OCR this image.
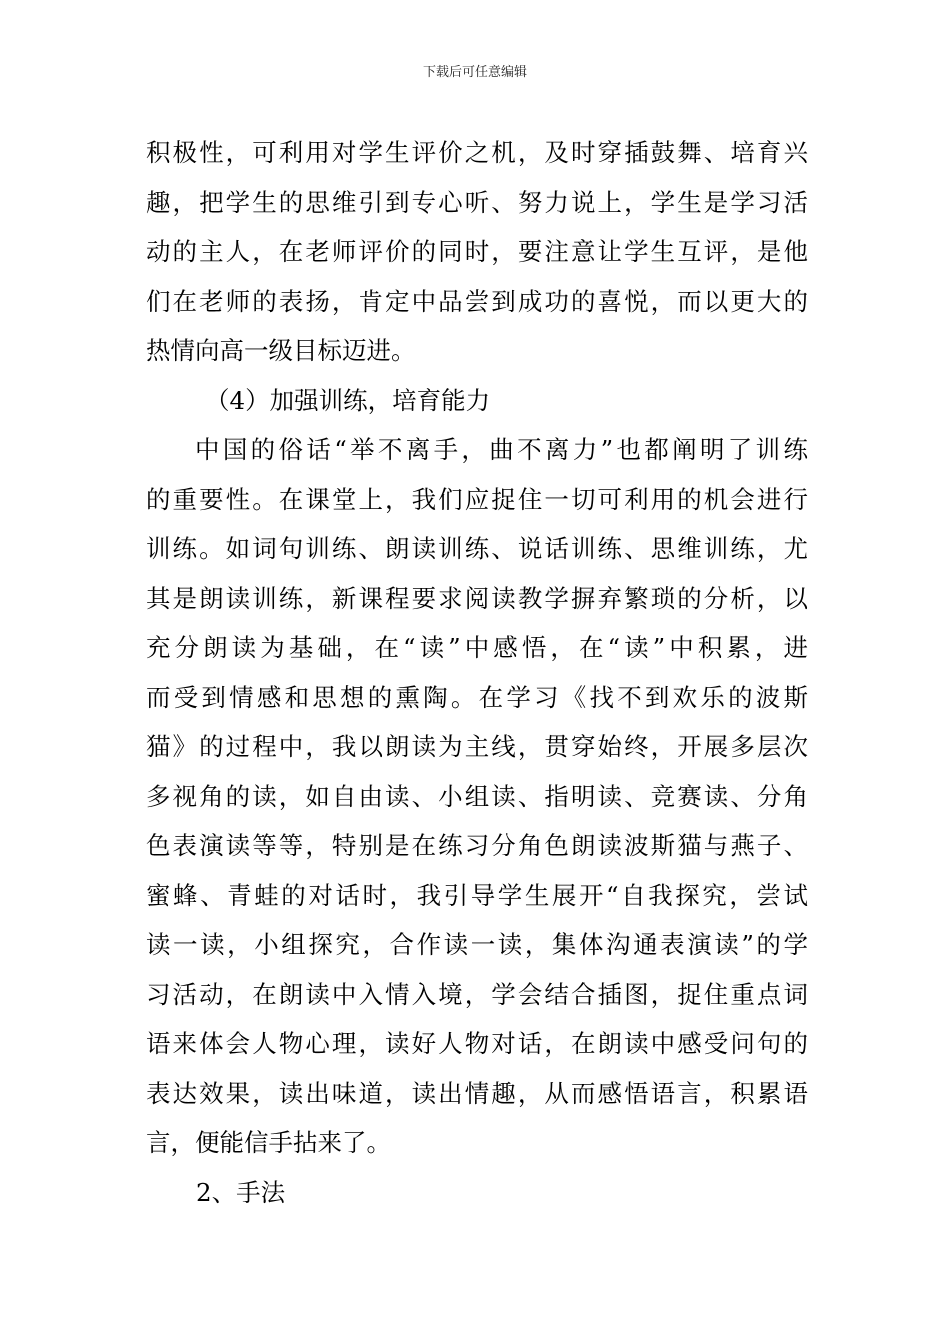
下载后可任意编辑
积极性，可利用对学生评价之机，及时穿插鼓舞、培育兴
趣，把学生的思维引到专心听、努力说上，学生是学习活
动的主人，在老师评价的同时，要注意让学生互评，是他
们在老师的表扬，肯定中品尝到成功的喜悦，而以更大的
热情向高一级目标迈进。
（4）加强训练，培育能力
中国的俗话“举不离手，曲不离力”也都阐明了训练
的重要性。在课堂上，我们应捉住一切可利用的机会进行
训练。如词句训练、朗读训练、说话训练、思维训练，尤
其是朗读训练，新课程要求阅读教学摒弃繁琐的分析，以
充分朗读为基础，在“读”中感悟，在“读”中积累，进
而受到情感和思想的熏陶。在学习《找不到欢乐的波斯
猫》的过程中，我以朗读为主线，贯穿始终，开展多层次
多视角的读，如自由读、小组读、指明读、竞赛读、分角
色表演读等等，特别是在练习分角色朗读波斯猫与燕子、
蜜蜂、青蛙的对话时，我引导学生展开“自我探究，尝试
读一读，小组探究，合作读一读，集体沟通表演读”的学
习活动，在朗读中入情入境，学会结合插图，捉住重点词
语来体会人物心理，读好人物对话，在朗读中感受问句的
表达效果，读出味道，读出情趣，从而感悟语言，积累语
言，便能信手拈来了。
2、手法
